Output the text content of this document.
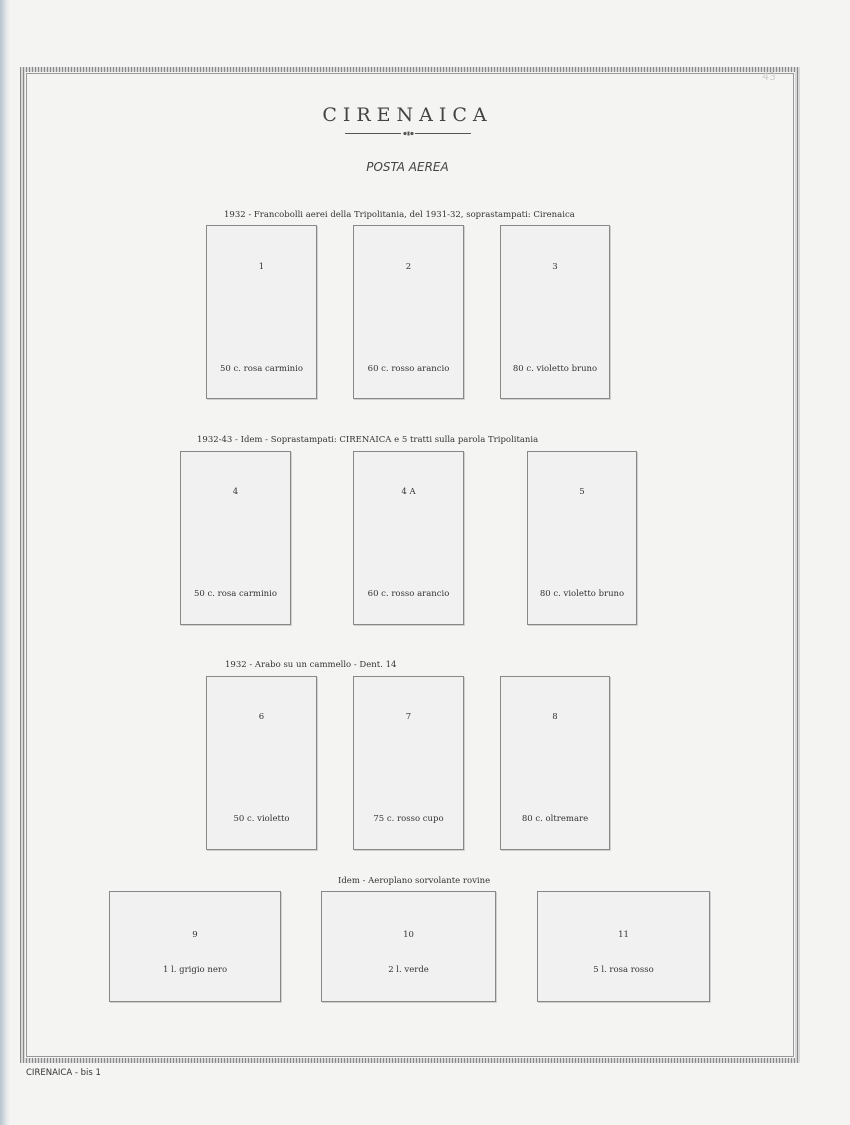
43
CIRENAICA
POSTA AEREA
1932 - Francobolli aerei della Tripolitania, del 1931-32, soprastampati: Cirenaica
1
50 c. rosa carminio
2
60 c. rosso arancio
3
80 c. violetto bruno
1932-43 - Idem - Soprastampati: CIRENAICA e 5 tratti sulla parola Tripolitania
4
50 c. rosa carminio
4 A
60 c. rosso arancio
5
80 c. violetto bruno
1932 - Arabo su un cammello - Dent. 14
6
50 c. violetto
7
75 c. rosso cupo
8
80 c. oltremare
Idem - Aeroplano sorvolante rovine
9
1 l. grigio nero
10
2 l. verde
11
5 l. rosa rosso
CIRENAICA - bis 1
